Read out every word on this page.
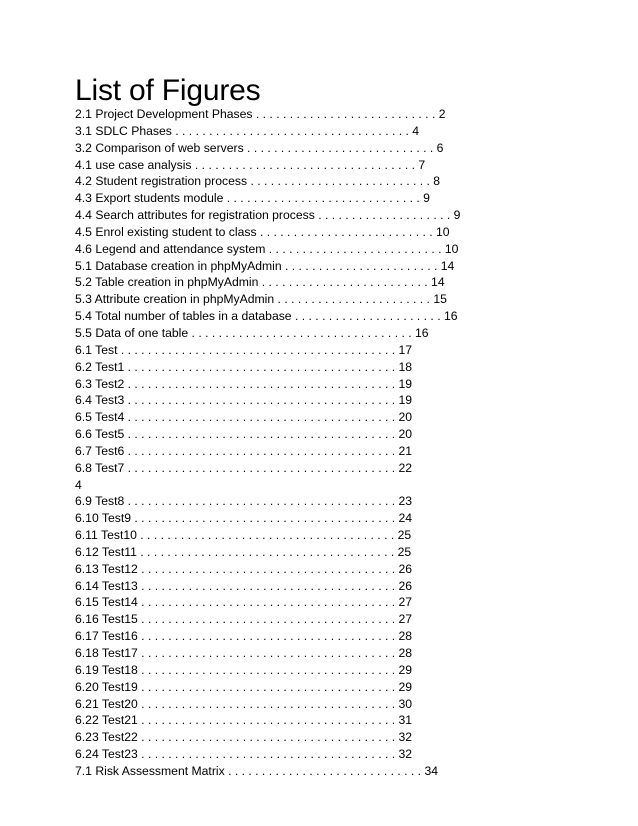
List of Figures
2.1 Project Development Phases . . . . . . . . . . . . . . . . . . . . . . . . . . . 2
3.1 SDLC Phases . . . . . . . . . . . . . . . . . . . . . . . . . . . . . . . . . . . 4
3.2 Comparison of web servers . . . . . . . . . . . . . . . . . . . . . . . . . . . . 6
4.1 use case analysis . . . . . . . . . . . . . . . . . . . . . . . . . . . . . . . . . 7
4.2 Student registration process . . . . . . . . . . . . . . . . . . . . . . . . . . . 8
4.3 Export students module . . . . . . . . . . . . . . . . . . . . . . . . . . . . . 9
4.4 Search attributes for registration process . . . . . . . . . . . . . . . . . . . . 9
4.5 Enrol existing student to class . . . . . . . . . . . . . . . . . . . . . . . . . . 10
4.6 Legend and attendance system . . . . . . . . . . . . . . . . . . . . . . . . . . 10
5.1 Database creation in phpMyAdmin . . . . . . . . . . . . . . . . . . . . . . . 14
5.2 Table creation in phpMyAdmin . . . . . . . . . . . . . . . . . . . . . . . . . 14
5.3 Attribute creation in phpMyAdmin . . . . . . . . . . . . . . . . . . . . . . . 15
5.4 Total number of tables in a database . . . . . . . . . . . . . . . . . . . . . . 16
5.5 Data of one table . . . . . . . . . . . . . . . . . . . . . . . . . . . . . . . . . 16
6.1 Test . . . . . . . . . . . . . . . . . . . . . . . . . . . . . . . . . . . . . . . . . 17
6.2 Test1 . . . . . . . . . . . . . . . . . . . . . . . . . . . . . . . . . . . . . . . . 18
6.3 Test2 . . . . . . . . . . . . . . . . . . . . . . . . . . . . . . . . . . . . . . . . 19
6.4 Test3 . . . . . . . . . . . . . . . . . . . . . . . . . . . . . . . . . . . . . . . . 19
6.5 Test4 . . . . . . . . . . . . . . . . . . . . . . . . . . . . . . . . . . . . . . . . 20
6.6 Test5 . . . . . . . . . . . . . . . . . . . . . . . . . . . . . . . . . . . . . . . . 20
6.7 Test6 . . . . . . . . . . . . . . . . . . . . . . . . . . . . . . . . . . . . . . . . 21
6.8 Test7 . . . . . . . . . . . . . . . . . . . . . . . . . . . . . . . . . . . . . . . . 22
4
6.9 Test8 . . . . . . . . . . . . . . . . . . . . . . . . . . . . . . . . . . . . . . . . 23
6.10 Test9 . . . . . . . . . . . . . . . . . . . . . . . . . . . . . . . . . . . . . . . 24
6.11 Test10 . . . . . . . . . . . . . . . . . . . . . . . . . . . . . . . . . . . . . . 25
6.12 Test11 . . . . . . . . . . . . . . . . . . . . . . . . . . . . . . . . . . . . . . 25
6.13 Test12 . . . . . . . . . . . . . . . . . . . . . . . . . . . . . . . . . . . . . . 26
6.14 Test13 . . . . . . . . . . . . . . . . . . . . . . . . . . . . . . . . . . . . . . 26
6.15 Test14 . . . . . . . . . . . . . . . . . . . . . . . . . . . . . . . . . . . . . . 27
6.16 Test15 . . . . . . . . . . . . . . . . . . . . . . . . . . . . . . . . . . . . . . 27
6.17 Test16 . . . . . . . . . . . . . . . . . . . . . . . . . . . . . . . . . . . . . . 28
6.18 Test17 . . . . . . . . . . . . . . . . . . . . . . . . . . . . . . . . . . . . . . 28
6.19 Test18 . . . . . . . . . . . . . . . . . . . . . . . . . . . . . . . . . . . . . . 29
6.20 Test19 . . . . . . . . . . . . . . . . . . . . . . . . . . . . . . . . . . . . . . 29
6.21 Test20 . . . . . . . . . . . . . . . . . . . . . . . . . . . . . . . . . . . . . . 30
6.22 Test21 . . . . . . . . . . . . . . . . . . . . . . . . . . . . . . . . . . . . . . 31
6.23 Test22 . . . . . . . . . . . . . . . . . . . . . . . . . . . . . . . . . . . . . . 32
6.24 Test23 . . . . . . . . . . . . . . . . . . . . . . . . . . . . . . . . . . . . . . 32
7.1 Risk Assessment Matrix . . . . . . . . . . . . . . . . . . . . . . . . . . . . . 34
